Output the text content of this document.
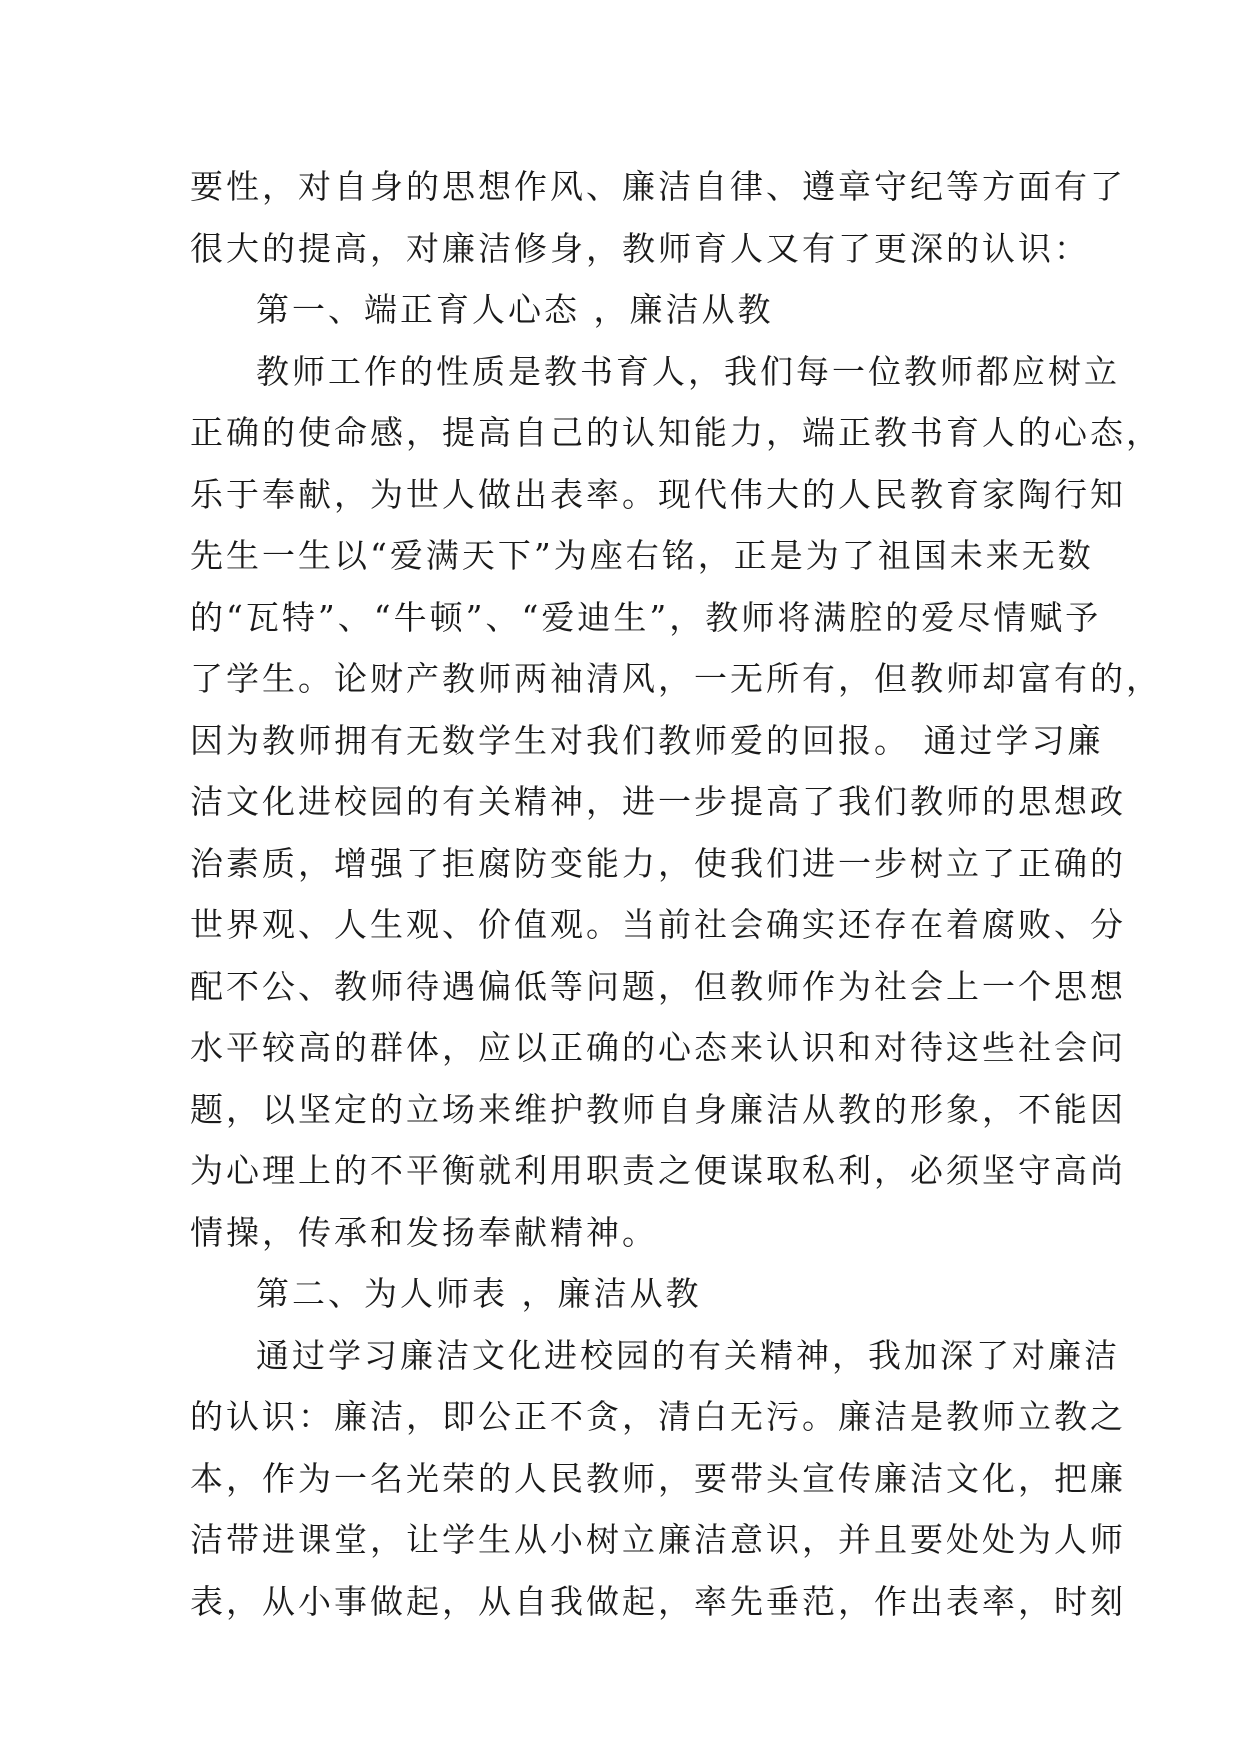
要性，对自身的思想作风、廉洁自律、遵章守纪等方面有了
很大的提高，对廉洁修身，教师育人又有了更深的认识：
第一、端正育人心态 ，廉洁从教
教师工作的性质是教书育人，我们每一位教师都应树立
正确的使命感，提高自己的认知能力，端正教书育人的心态，
乐于奉献，为世人做出表率。现代伟大的人民教育家陶行知
先生一生以“爱满天下”为座右铭，正是为了祖国未来无数
的“瓦特”、“牛顿”、“爱迪生”，教师将满腔的爱尽情赋予
了学生。论财产教师两袖清风，一无所有，但教师却富有的，
因为教师拥有无数学生对我们教师爱的回报。 通过学习廉
洁文化进校园的有关精神，进一步提高了我们教师的思想政
治素质，增强了拒腐防变能力，使我们进一步树立了正确的
世界观、人生观、价值观。当前社会确实还存在着腐败、分
配不公、教师待遇偏低等问题，但教师作为社会上一个思想
水平较高的群体，应以正确的心态来认识和对待这些社会问
题，以坚定的立场来维护教师自身廉洁从教的形象，不能因
为心理上的不平衡就利用职责之便谋取私利，必须坚守高尚
情操，传承和发扬奉献精神。
第二、为人师表 ，廉洁从教
通过学习廉洁文化进校园的有关精神，我加深了对廉洁
的认识：廉洁，即公正不贪，清白无污。廉洁是教师立教之
本，作为一名光荣的人民教师，要带头宣传廉洁文化，把廉
洁带进课堂，让学生从小树立廉洁意识，并且要处处为人师
表，从小事做起，从自我做起，率先垂范，作出表率，时刻
